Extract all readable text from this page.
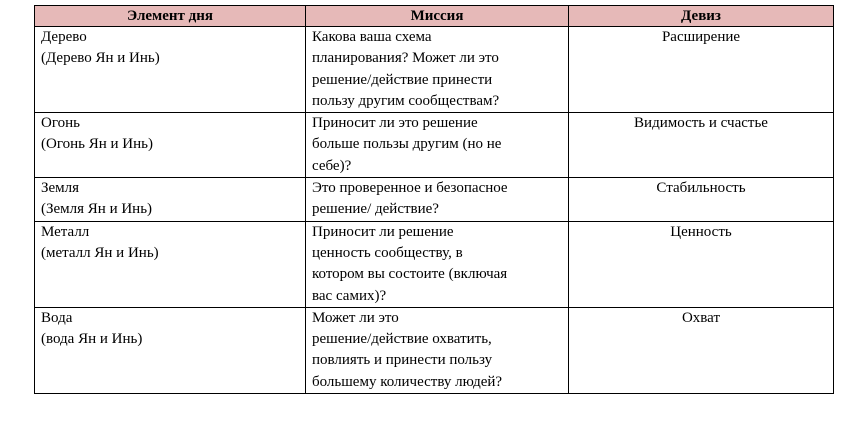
Элемент дня	Миссия	Девиз

Дерево
(Дерево Ян и Инь)	Какова ваша схема
планирования? Может ли это
решение/действие принести
пользу другим сообществам?	Расширение

Огонь
(Огонь Ян и Инь)	Приносит ли это решение
больше пользы другим (но не
себе)?	Видимость и счастье

Земля
(Земля Ян и Инь)	Это проверенное и безопасное
решение/ действие?	Стабильность

Металл
(металл Ян и Инь)	Приносит ли решение
ценность сообществу, в
котором вы состоите (включая
вас самих)?	Ценность

Вода
(вода Ян и Инь)	Может ли это
решение/действие охватить,
повлиять и принести пользу
большему количеству людей?	Охват
